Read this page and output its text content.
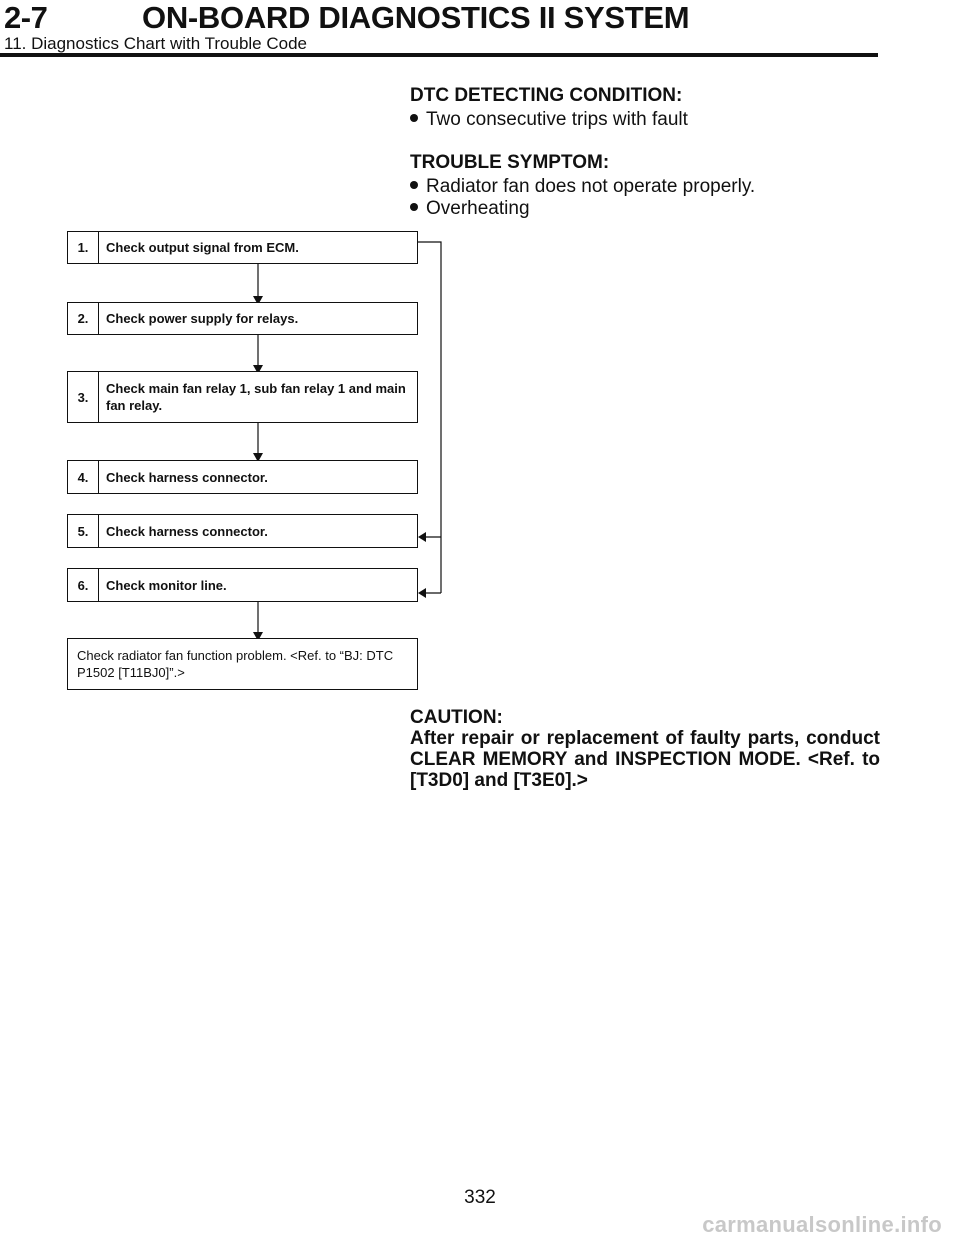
2-7	ON-BOARD DIAGNOSTICS II SYSTEM
11. Diagnostics Chart with Trouble Code
DTC DETECTING CONDITION:
Two consecutive trips with fault
TROUBLE SYMPTOM:
Radiator fan does not operate properly.
Overheating
1.	Check output signal from ECM.
2.	Check power supply for relays.
3.
Check main fan relay 1, sub fan relay 1 and main fan relay.
4.	Check harness connector.
5.	Check harness connector.
6.	Check monitor line.
Check radiator fan function problem. <Ref. to “BJ: DTC P1502 [T11BJ0]”.>

CAUTION:

After repair or replacement of faulty parts, conduct CLEAR MEMORY and INSPECTION MODE. <Ref. to [T3D0] and [T3E0].>

332
carmanualsonline.info
